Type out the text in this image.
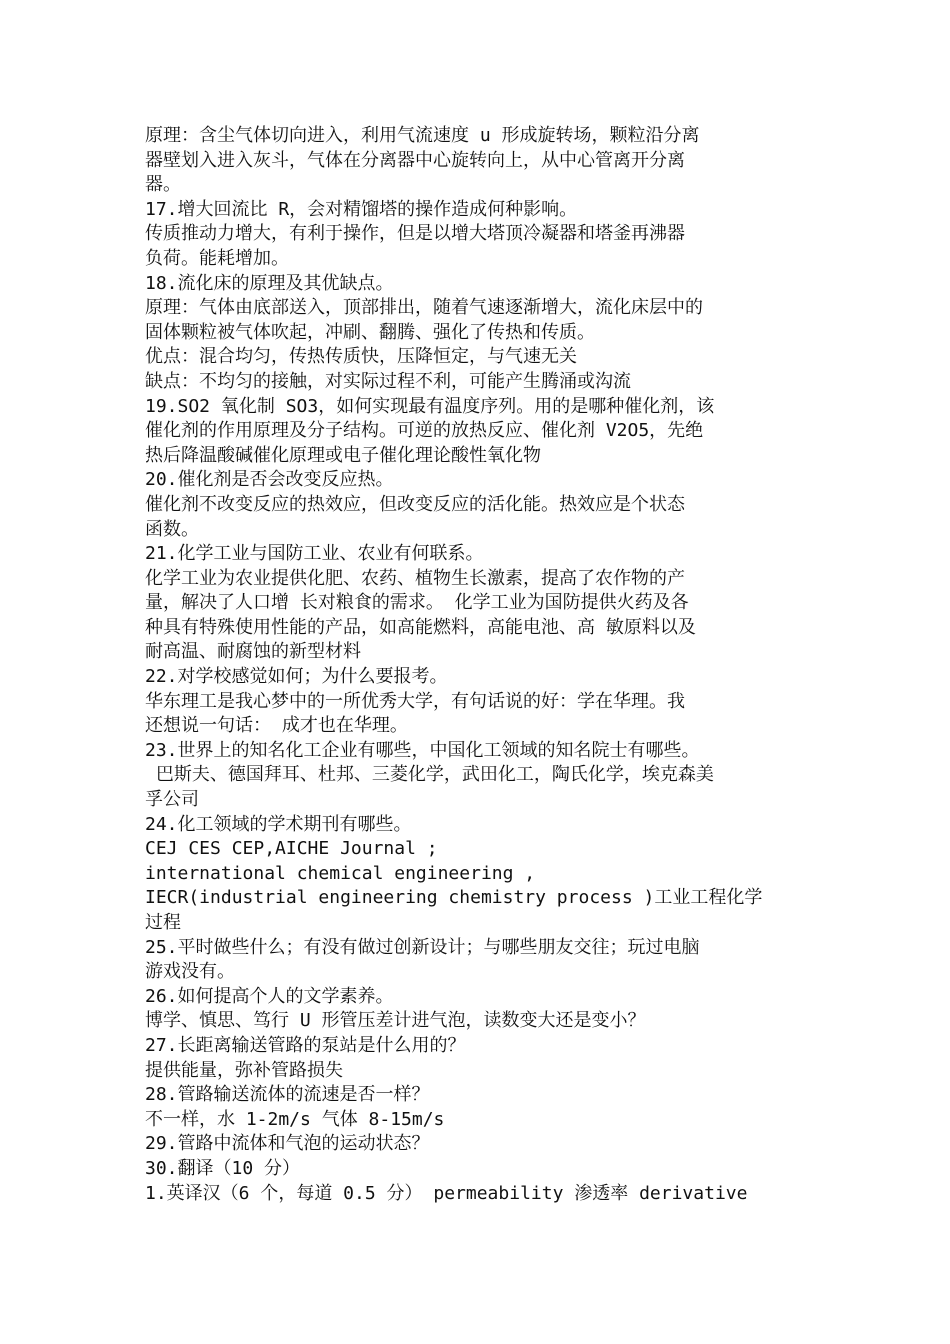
原理：含尘气体切向进入，利用气流速度 u 形成旋转场，颗粒沿分离
器壁划入进入灰斗，气体在分离器中心旋转向上，从中心管离开分离
器。
17.增大回流比 R，会对精馏塔的操作造成何种影响。
传质推动力增大，有利于操作，但是以增大塔顶冷凝器和塔釜再沸器
负荷。能耗增加。
18.流化床的原理及其优缺点。
原理：气体由底部送入，顶部排出，随着气速逐渐增大，流化床层中的
固体颗粒被气体吹起，冲刷、翻腾、强化了传热和传质。
优点：混合均匀，传热传质快，压降恒定，与气速无关
缺点：不均匀的接触，对实际过程不利，可能产生腾涌或沟流
19.SO2 氧化制 SO3，如何实现最有温度序列。用的是哪种催化剂，该
催化剂的作用原理及分子结构。可逆的放热反应、催化剂 V2O5，先绝
热后降温酸碱催化原理或电子催化理论酸性氧化物
20.催化剂是否会改变反应热。
催化剂不改变反应的热效应，但改变反应的活化能。热效应是个状态
函数。
21.化学工业与国防工业、农业有何联系。
化学工业为农业提供化肥、农药、植物生长激素，提高了农作物的产
量，解决了人口增 长对粮食的需求。 化学工业为国防提供火药及各
种具有特殊使用性能的产品，如高能燃料，高能电池、高 敏原料以及
耐高温、耐腐蚀的新型材料
22.对学校感觉如何；为什么要报考。
华东理工是我心梦中的一所优秀大学，有句话说的好：学在华理。我
还想说一句话： 成才也在华理。
23.世界上的知名化工企业有哪些，中国化工领域的知名院士有哪些。
巴斯夫、德国拜耳、杜邦、三菱化学，武田化工，陶氏化学，埃克森美
孚公司
24.化工领域的学术期刊有哪些。
CEJ CES CEP,AICHE Journal ;
international chemical engineering ,
IECR(industrial engineering chemistry process )工业工程化学
过程
25.平时做些什么；有没有做过创新设计；与哪些朋友交往；玩过电脑
游戏没有。
26.如何提高个人的文学素养。
博学、慎思、笃行 U 形管压差计进气泡，读数变大还是变小？
27.长距离输送管路的泵站是什么用的？
提供能量，弥补管路损失
28.管路输送流体的流速是否一样？
不一样，水 1-2m/s 气体 8-15m/s
29.管路中流体和气泡的运动状态？
30.翻译（10 分）
1.英译汉（6 个，每道 0.5 分） permeability 渗透率 derivative
